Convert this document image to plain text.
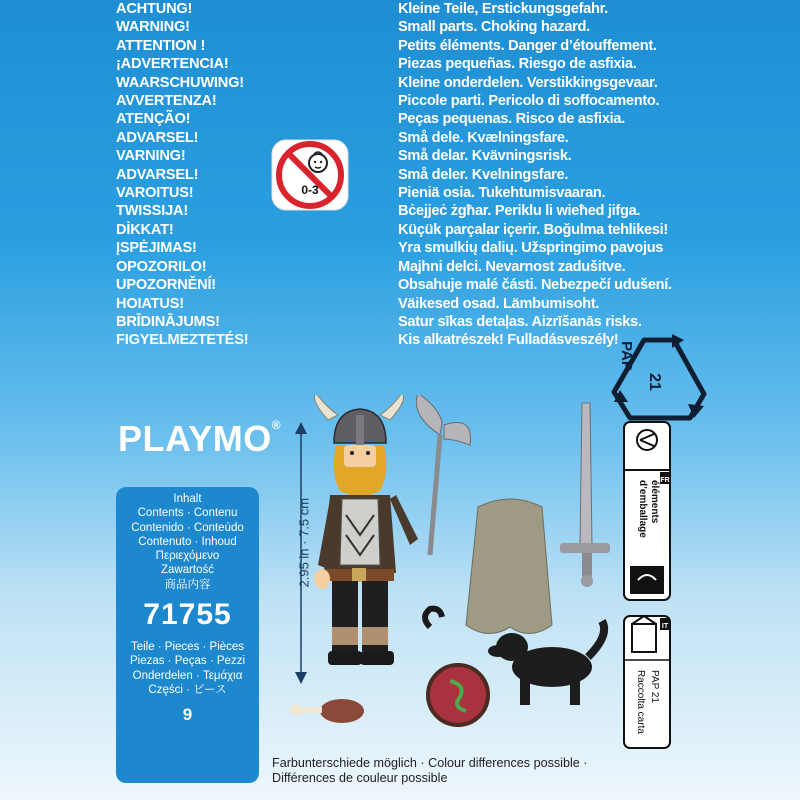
ACHTUNG!
WARNING!
ATTENTION !
¡ADVERTENCIA!
WAARSCHUWING!
AVVERTENZA!
ATENÇÃO!
ADVARSEL!
VARNING!
ADVARSEL!
VAROITUS!
TWISSIJA!
DİKKAT!
ĮSPĖJIMAS!
OPOZORILO!
UPOZORNĚNÍ!
HOIATUS!
BRĪDINĀJUMS!
FIGYELMEZTETÉS!
Kleine Teile, Erstickungsgefahr.
Small parts. Choking hazard.
Petits éléments. Danger d’étouffement.
Piezas pequeñas. Riesgo de asfixia.
Kleine onderdelen. Verstikkingsgevaar.
Piccole parti. Pericolo di soffocamento.
Peças pequenas. Risco de asfixia.
Små dele. Kvælningsfare.
Små delar. Kvävningsrisk.
Små deler. Kvelningsfare.
Pieniä osia. Tukehtumisvaaran.
Bċejjeċ żgħar. Periklu li wieħed jifga.
Küçük parçalar içerir. Boğulma tehlikesi!
Yra smulkių dalių. Užspringimo pavojus
Majhni delci. Nevarnost zadušitve.
Obsahuje malé části. Nebezpečí udušení.
Väikesed osad. Lämbumisoht.
Satur sīkas detaļas. Aizrīšanās risks.
Kis alkatrészek! Fulladásveszély!
0-3
21
PAP
PLAYMO®
Inhalt
Contents · Contenu
Contenido · Conteúdo
Contenuto · Inhoud
Περιεχόμενο
Zawartość
商品内容
71755
Teile · Pieces · Pièces
Piezas · Peças · Pezzi
Onderdelen · Τεμάχια
Części · ピース
9
2.95 in · 7.5 cm
FR
éléments
d’emballage
IT
PAP 21
Raccolta carta
Farbunterschiede möglich · Colour differences possible ·
Différences de couleur possible
